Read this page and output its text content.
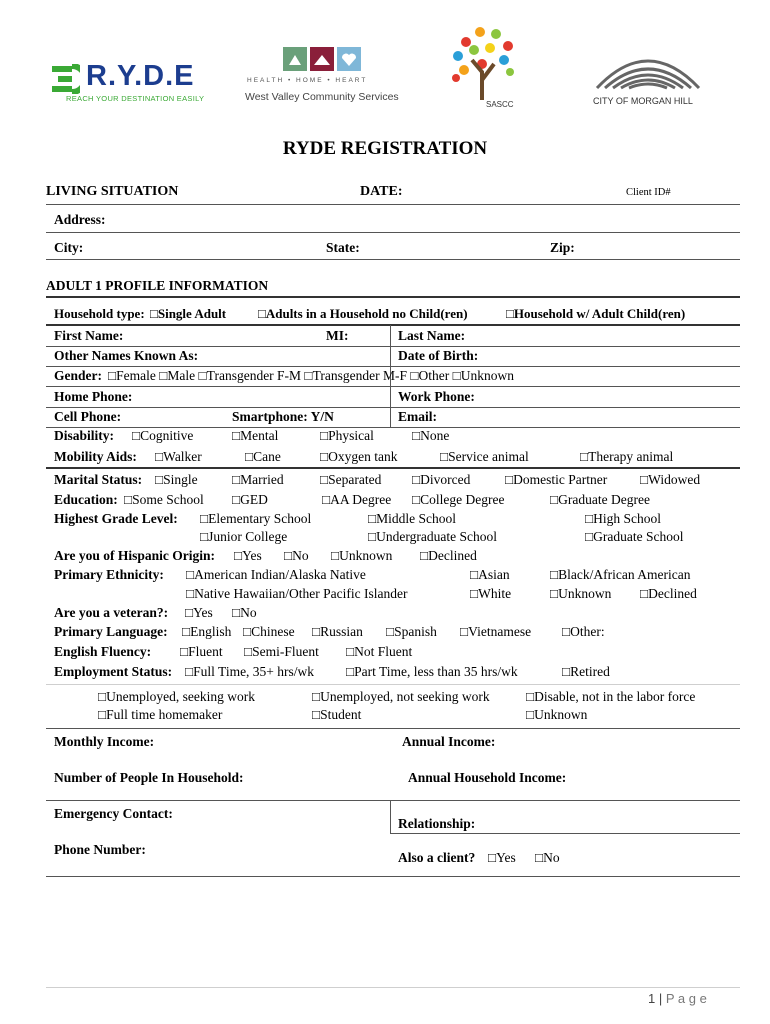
R.Y.D.E
REACH YOUR DESTINATION EASILY
HEALTH • HOME • HEART
West Valley Community Services
SASCC	CITY OF MORGAN HILL
RYDE REGISTRATION
LIVING SITUATION	DATE:	Client ID#
Address:
City:	State:	Zip:
ADULT 1 PROFILE INFORMATION
Household type: □Single Adult □Adults in a Household no Child(ren)	□Household w/ Adult Child(ren)
First Name:	MI:	Last Name:
Other Names Known As:	Date of Birth:
Gender: □Female □Male □Transgender F-M □Transgender M-F □Other □Unknown
Home Phone:	Work Phone:
Cell Phone:	Smartphone: Y/N	Email:
Disability: □Cognitive	□Mental	□Physical	□None
Mobility Aids: □Walker	□Cane	□Oxygen tank	□Service animal	□Therapy animal
Marital Status: □Single	□Married	□Separated □Divorced	□Domestic Partner □Widowed
Education: □Some School □GED	□AA Degree □College Degree	□Graduate Degree
Highest Grade Level: □Elementary School	□Middle School	□High School
□Junior College	□Undergraduate School	□Graduate School
Are you of Hispanic Origin: □Yes □No □Unknown □Declined
Primary Ethnicity: □American Indian/Alaska Native	□Asian	□Black/African American
□Native Hawaiian/Other Pacific Islander	□White	□Unknown □Declined
Are you a veteran?: □Yes □No
Primary Language: □English □Chinese □Russian □Spanish □Vietnamese □Other:
English Fluency: □Fluent □Semi-Fluent □Not Fluent
Employment Status: □Full Time, 35+ hrs/wk □Part Time, less than 35 hrs/wk	□Retired
□Unemployed, seeking work	□Unemployed, not seeking work	□Disable, not in the labor force
□Full time homemaker	□Student	□Unknown
Monthly Income:	Annual Income:
Number of People In Household:	Annual Household Income:
Emergency Contact:
Relationship:
Phone Number:
Also a client? □Yes □No
1 | P a g e
